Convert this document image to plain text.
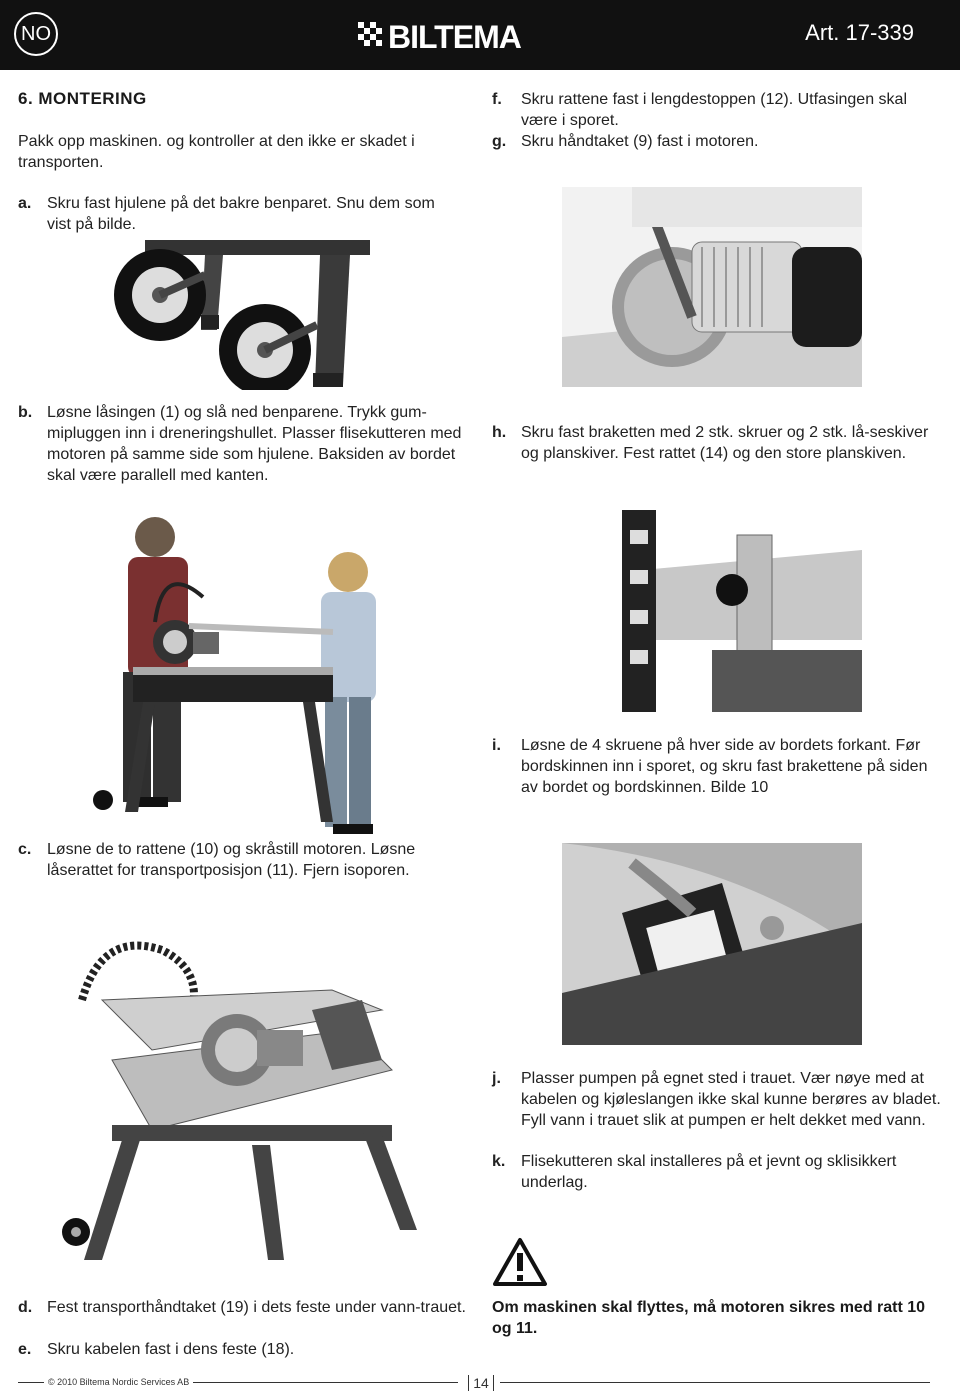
NO	BILTEMA	Art. 17-339
6. MONTERING
Pakk opp maskinen. og kontroller at den ikke er skadet i transporten.
a. Skru fast hjulene på det bakre benparet. Snu dem som vist på bilde.
b. Løsne låsingen (1) og slå ned benparene. Trykk gum-mipluggen inn i dreneringshullet. Plasser flisekutteren med motoren på samme side som hjulene. Baksiden av bordet skal være parallell med kanten.
c. Løsne de to rattene (10) og skråstill motoren. Løsne låserattet for transportposisjon (11). Fjern isoporen.
d. Fest transporthåndtaket (19) i dets feste under vann-trauet.
e. Skru kabelen fast i dens feste (18).
f.	Skru rattene fast i lengdestoppen (12). Utfasingen skal være i sporet.
g. Skru håndtaket (9) fast i motoren.
h. Skru fast braketten med 2 stk. skruer og 2 stk. lå-seskiver og planskiver. Fest rattet (14) og den store planskiven.
i.	Løsne de 4 skruene på hver side av bordets forkant. Før bordskinnen inn i sporet, og skru fast brakettene på siden av bordet og bordskinnen. Bilde 10
j.	Plasser pumpen på egnet sted i trauet. Vær nøye med at kabelen og kjøleslangen ikke skal kunne berøres av bladet. Fyll vann i trauet slik at pumpen er helt dekket med vann.
k. Flisekutteren skal installeres på et jevnt og sklisikkert underlag.
Om maskinen skal flyttes, må motoren sikres med ratt 10 og 11.
© 2010 Biltema Nordic Services AB	14
